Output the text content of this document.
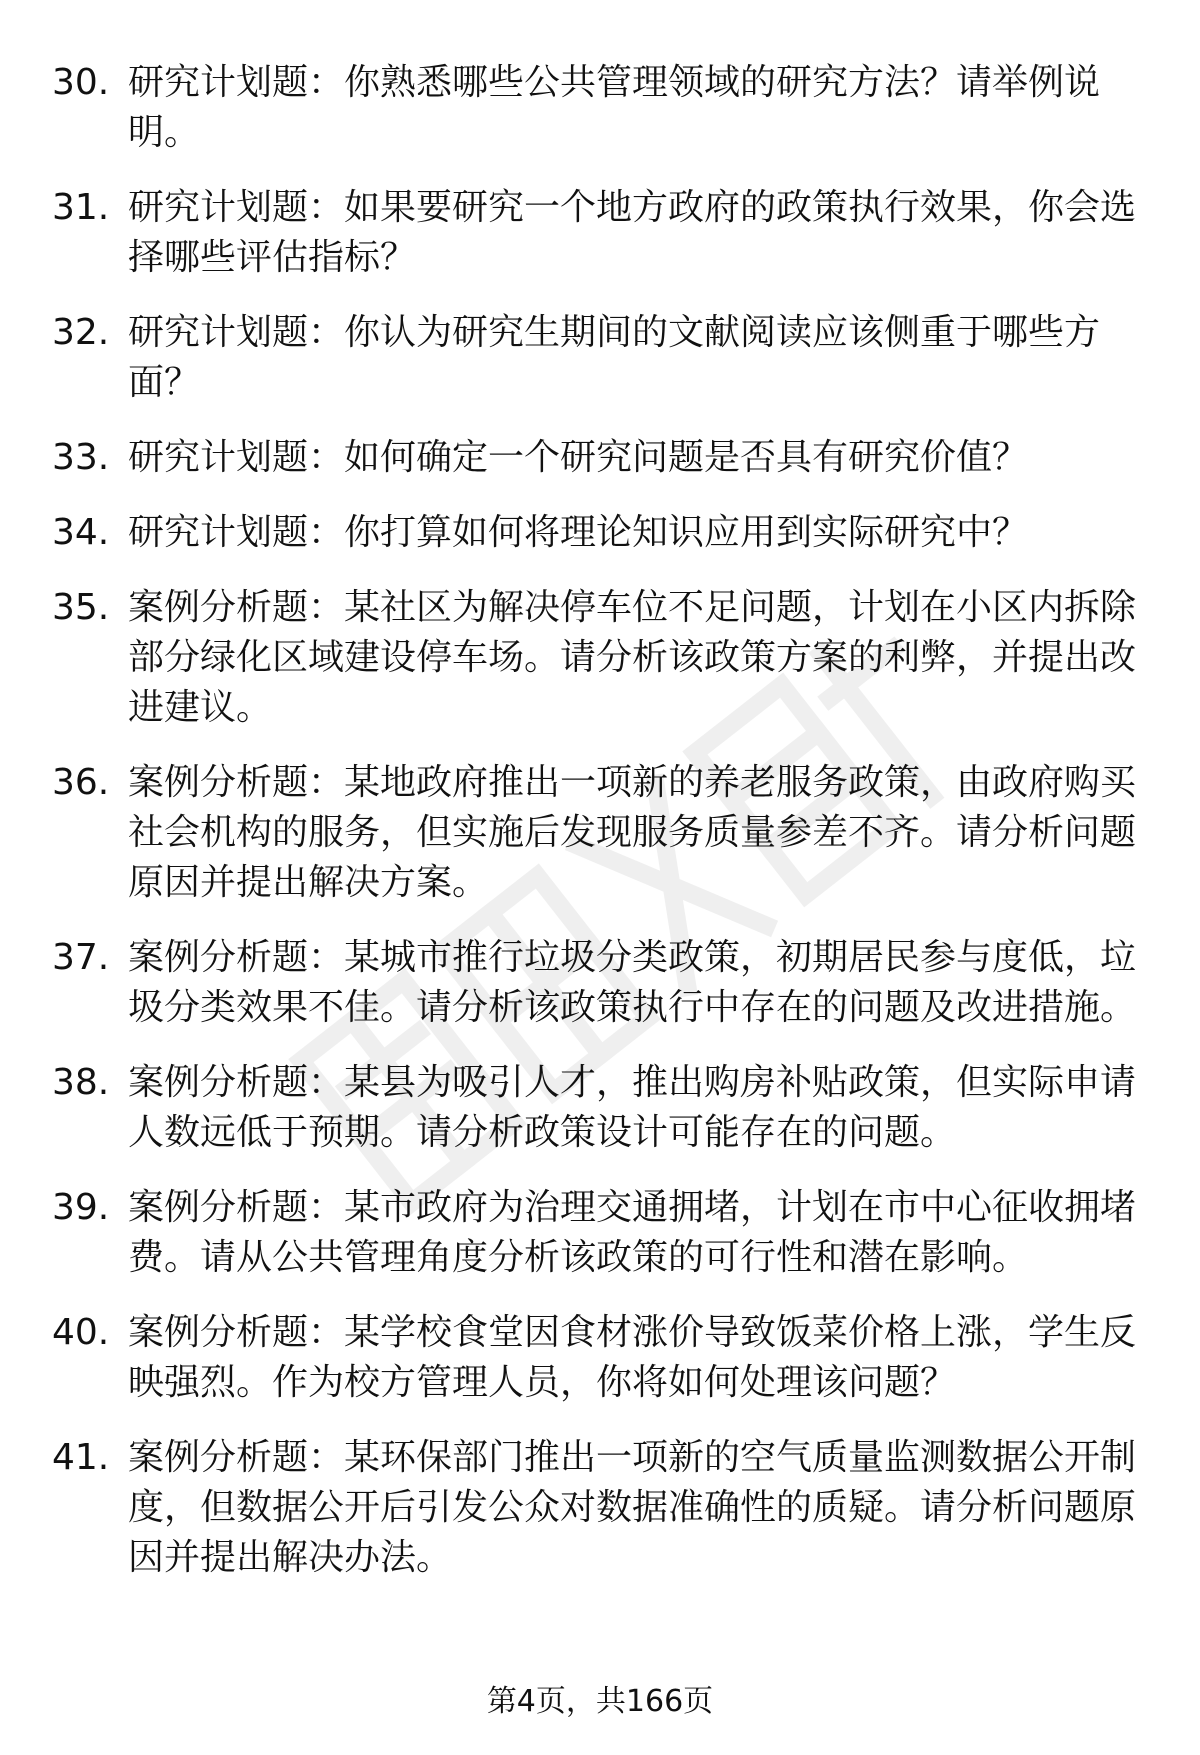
30. 研究计划题：你熟悉哪些公共管理领域的研究方法？请举例说明。
31. 研究计划题：如果要研究一个地方政府的政策执行效果，你会选择哪些评估指标？
32. 研究计划题：你认为研究生期间的文献阅读应该侧重于哪些方面？
33. 研究计划题：如何确定一个研究问题是否具有研究价值？
34. 研究计划题：你打算如何将理论知识应用到实际研究中？
35. 案例分析题：某社区为解决停车位不足问题，计划在小区内拆除部分绿化区域建设停车场。请分析该政策方案的利弊，并提出改进建议。
36. 案例分析题：某地政府推出一项新的养老服务政策，由政府购买社会机构的服务，但实施后发现服务质量参差不齐。请分析问题原因并提出解决方案。
37. 案例分析题：某城市推行垃圾分类政策，初期居民参与度低，垃圾分类效果不佳。请分析该政策执行中存在的问题及改进措施。
38. 案例分析题：某县为吸引人才，推出购房补贴政策，但实际申请人数远低于预期。请分析政策设计可能存在的问题。
39. 案例分析题：某市政府为治理交通拥堵，计划在市中心征收拥堵费。请从公共管理角度分析该政策的可行性和潜在影响。
40. 案例分析题：某学校食堂因食材涨价导致饭菜价格上涨，学生反映强烈。作为校方管理人员，你将如何处理该问题？
41. 案例分析题：某环保部门推出一项新的空气质量监测数据公开制度，但数据公开后引发公众对数据准确性的质疑。请分析问题原因并提出解决办法。
第4页，共166页
